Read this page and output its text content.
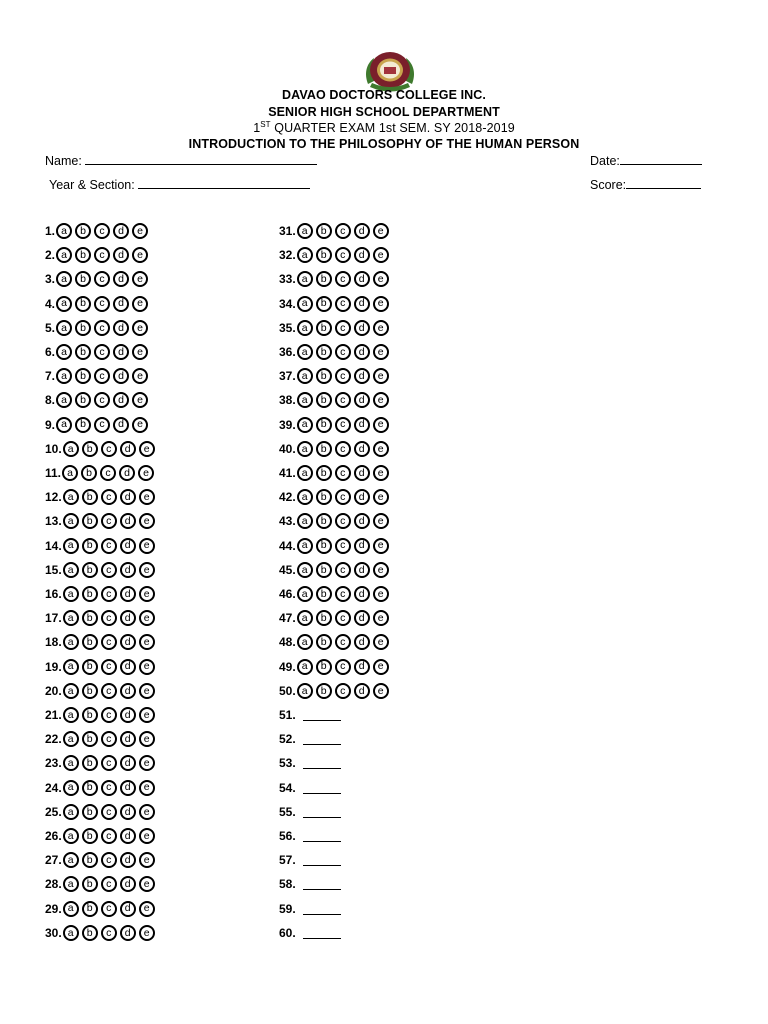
DAVAO DOCTORS COLLEGE INC.
SENIOR HIGH SCHOOL DEPARTMENT
1ST QUARTER EXAM 1st SEM. SY 2018-2019
INTRODUCTION TO THE PHILOSOPHY OF THE HUMAN PERSON
Name:	Date:
Year & Section:	Score:
1. a	b	c	d	e
2. a	b	c	d	e
3. a	b	c	d	e
4. a	b	c	d	e
5. a	b	c	d	e
6. a	b	c	d	e
7. a	b	c	d	e
8. a	b	c	d	e
9. a	b	c	d	e
10. a	b	c	d	e
11. a	b	c	d	e
12. a	b	c	d	e
13. a	b	c	d	e
14. a	b	c	d	e
15. a	b	c	d	e
16. a	b	c	d	e
17. a	b	c	d	e
18. a	b	c	d	e
19. a	b	c	d	e
20. a	b	c	d	e
21. a	b	c	d	e
22. a	b	c	d	e
23. a	b	c	d	e
24. a	b	c	d	e
25. a	b	c	d	e
26. a	b	c	d	e
27. a	b	c	d	e
28. a	b	c	d	e
29. a	b	c	d	e
30. a	b	c	d	e
31. a	b	c	d	e
32. a	b	c	d	e
33. a	b	c	d	e
34. a	b	c	d	e
35. a	b	c	d	e
36. a	b	c	d	e
37. a	b	c	d	e
38. a	b	c	d	e
39. a	b	c	d	e
40. a	b	c	d	e
41. a	b	c	d	e
42. a	b	c	d	e
43. a	b	c	d	e
44. a	b	c	d	e
45. a	b	c	d	e
46. a	b	c	d	e
47. a	b	c	d	e
48. a	b	c	d	e
49. a	b	c	d	e
50. a	b	c	d	e
51.
52.
53.
54.
55.
56.
57.
58.
59.
60.
